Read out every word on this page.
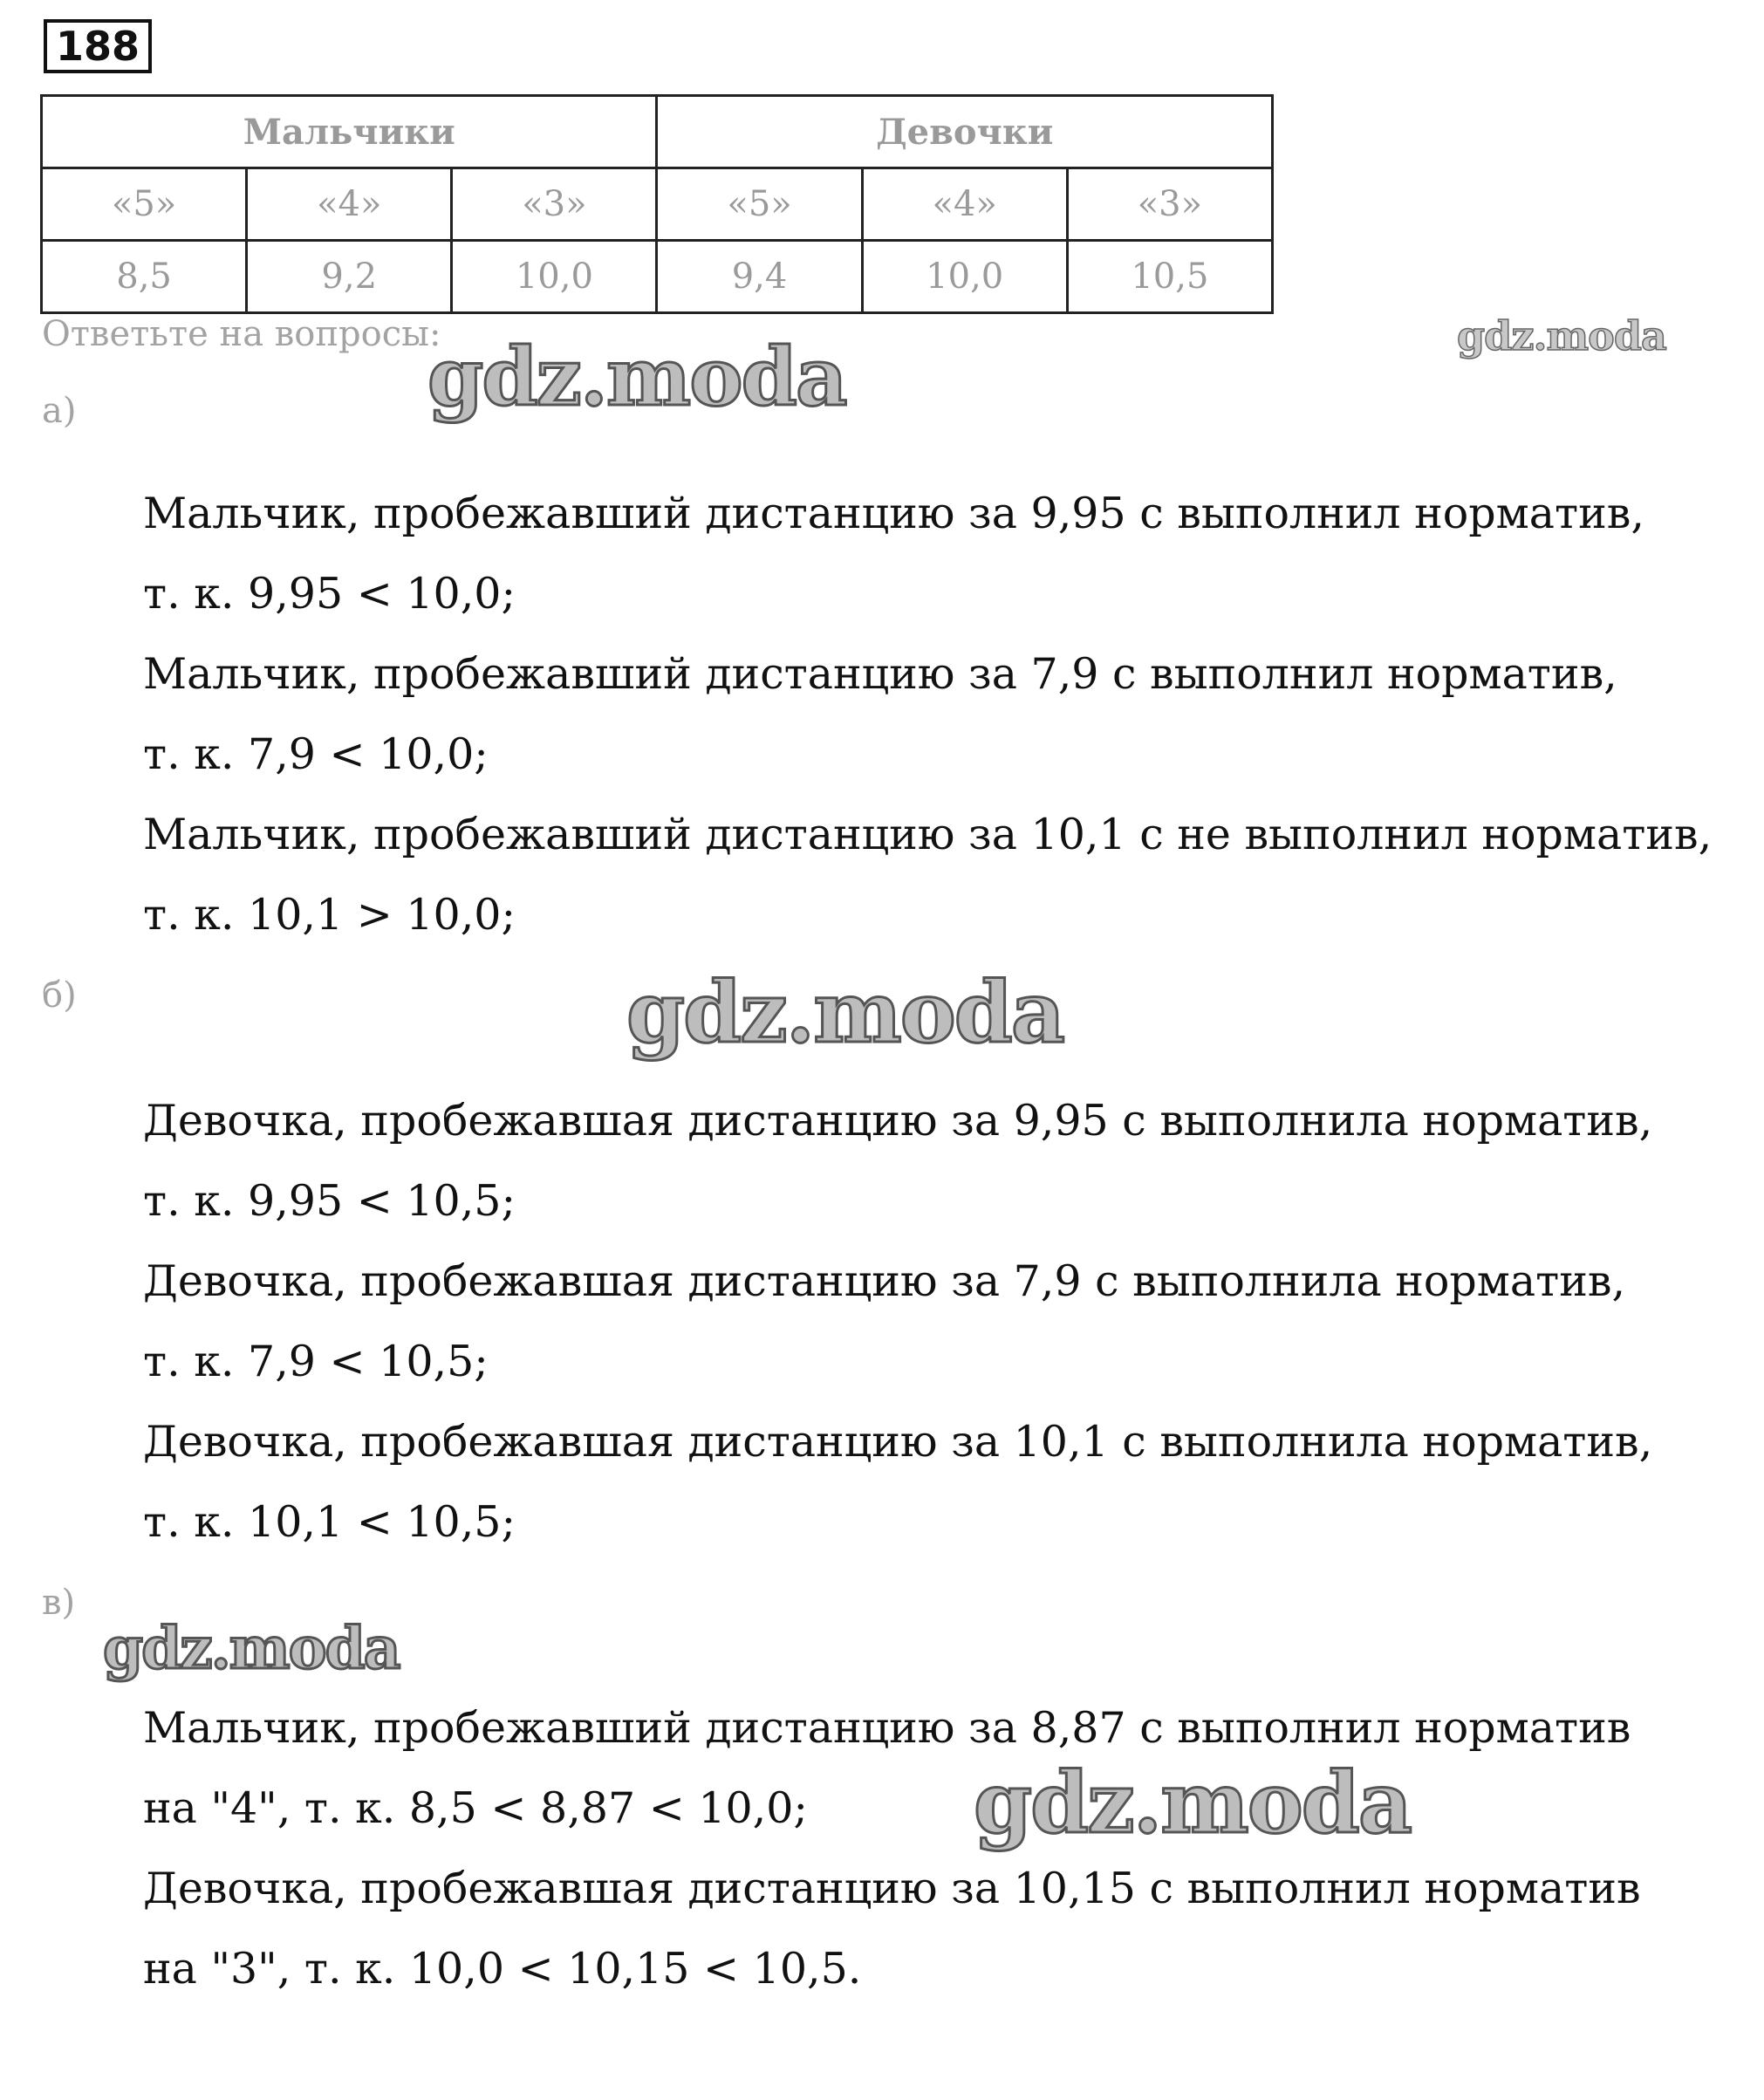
188
Мальчики			Девочки		
«5»	«4»	«3»	«5»	«4»	«3»
8,5	9,2	10,0	9,4	10,0	10,5
Ответьте на вопросы:
а)
Мальчик, пробежавший дистанцию за 9,95 с выполнил норматив,
т. к. 9,95 < 10,0;
Мальчик, пробежавший дистанцию за 7,9 с выполнил норматив,
т. к. 7,9 < 10,0;
Мальчик, пробежавший дистанцию за 10,1 с не выполнил норматив,
т. к. 10,1 > 10,0;
б)
Девочка, пробежавшая дистанцию за 9,95 с выполнила норматив,
т. к. 9,95 < 10,5;
Девочка, пробежавшая дистанцию за 7,9 с выполнила норматив,
т. к. 7,9 < 10,5;
Девочка, пробежавшая дистанцию за 10,1 с выполнила норматив,
т. к. 10,1 < 10,5;
в)
Мальчик, пробежавший дистанцию за 8,87 с выполнил норматив
на "4", т. к. 8,5 < 8,87 < 10,0;
Девочка, пробежавшая дистанцию за 10,15 с выполнил норматив
на "3", т. к. 10,0 < 10,15 < 10,5.
gdz.moda
gdz.moda
gdz.moda
gdz.moda
gdz.moda
